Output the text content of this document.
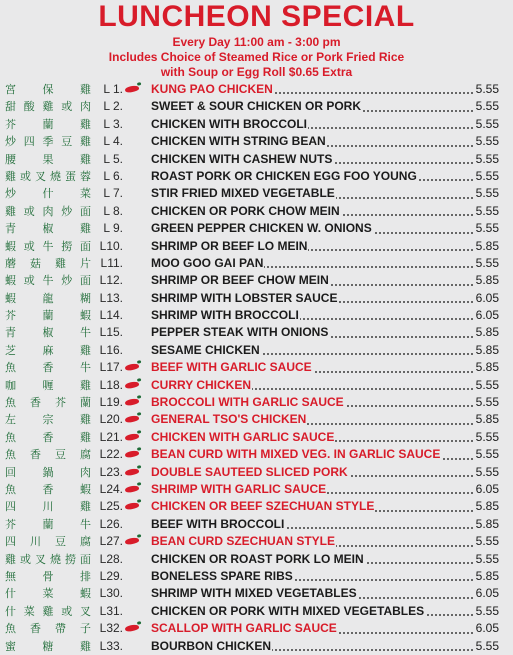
LUNCHEON SPECIAL
Every Day 11:00 am - 3:00 pm
Includes Choice of Steamed Rice or Pork Fried Rice
with Soup or Egg Roll $0.65 Extra
宮 保 雞	L 1. KUNG PAO CHICKEN	5.55
甜 酸 雞 或 肉	L 2. SWEET & SOUR CHICKEN OR PORK	5.55
芥 蘭 雞	L 3. CHICKEN WITH BROCCOLI	5.55
炒 四 季 豆 雞	L 4. CHICKEN WITH STRING BEAN	5.55
腰 果 雞	L 5. CHICKEN WITH CASHEW NUTS	5.55
雞 或 叉 燒 蛋 蓉	L 6. ROAST PORK OR CHICKEN EGG FOO YOUNG	5.55
炒 什 菜	L 7. STIR FRIED MIXED VEGETABLE	5.55
雞 或 肉 炒 面	L 8. CHICKEN OR PORK CHOW MEIN	5.55
青 椒 雞	L 9. GREEN PEPPER CHICKEN W. ONIONS	5.55
蝦 或 牛 撈 面 L10. SHRIMP OR BEEF LO MEIN	5.85
蘑 菇 雞 片 L11. MOO GOO GAI PAN	5.55
蝦 或 牛 炒 面 L12. SHRIMP OR BEEF CHOW MEIN	5.85
蝦 龍 糊 L13. SHRIMP WITH LOBSTER SAUCE	6.05
芥 蘭 蝦 L14. SHRIMP WITH BROCCOLI	6.05
青 椒 牛 L15. PEPPER STEAK WITH ONIONS	5.85
芝 麻 雞 L16. SESAME CHICKEN	5.85
魚 香 牛 L17. BEEF WITH GARLIC SAUCE	5.85
咖 喱 雞 L18. CURRY CHICKEN	5.55
魚 香 芥 蘭 L19. BROCCOLI WITH GARLIC SAUCE	5.55
左 宗 雞 L20. GENERAL TSO'S CHICKEN	5.85
魚 香 雞 L21. CHICKEN WITH GARLIC SAUCE	5.55
魚 香 豆 腐 L22. BEAN CURD WITH MIXED VEG. IN GARLIC SAUCE	5.55
回 鍋 肉 L23. DOUBLE SAUTEED SLICED PORK	5.55
魚 香 蝦 L24. SHRIMP WITH GARLIC SAUCE	6.05
四 川 雞 L25. CHICKEN OR BEEF SZECHUAN STYLE	5.85
芥 蘭 牛 L26. BEEF WITH BROCCOLI	5.85
四 川 豆 腐 L27. BEAN CURD SZECHUAN STYLE	5.55
雞 或 叉 燒 撈 面 L28. CHICKEN OR ROAST PORK LO MEIN	5.55
無 骨 排 L29. BONELESS SPARE RIBS	5.85
什 菜 蝦 L30. SHRIMP WITH MIXED VEGETABLES	6.05
什 菜 雞 或 叉 L31. CHICKEN OR PORK WITH MIXED VEGETABLES	5.55
魚 香 帶 子 L32. SCALLOP WITH GARLIC SAUCE	6.05
蜜 糖 雞 L33. BOURBON CHICKEN	5.55
